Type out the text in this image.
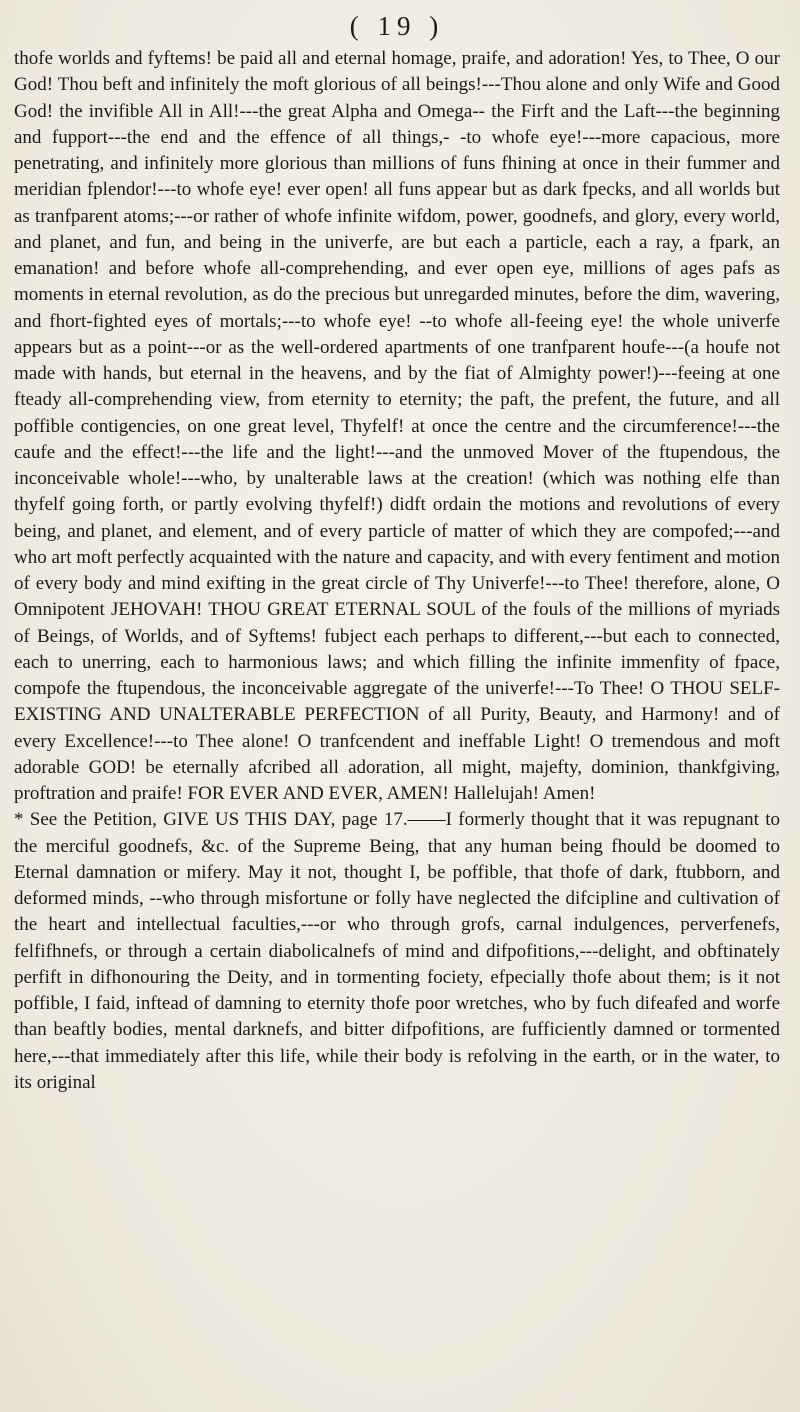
( 19 )

thofe worlds and fyftems! be paid all and eternal homage, praife, and adoration! Yes, to Thee, O our God! Thou beft and infinitely the moft glorious of all beings!---Thou alone and only Wife and Good God! the invifible All in All!---the great Alpha and Omega-- the Firft and the Laft---the beginning and fupport---the end and the effence of all things,- -to whofe eye!---more capacious, more penetrating, and infinitely more glorious than millions of funs fhining at once in their fummer and meridian fplendor!---to whofe eye! ever open! all funs appear but as dark fpecks, and all worlds but as tranfparent atoms;---or rather of whofe infinite wifdom, power, goodnefs, and glory, every world, and planet, and fun, and being in the univerfe, are but each a particle, each a ray, a fpark, an emanation! and before whofe all-comprehending, and ever open eye, millions of ages pafs as moments in eternal revolution, as do the precious but unregarded minutes, before the dim, wavering, and fhort-fighted eyes of mortals;---to whofe eye! --to whofe all-feeing eye! the whole univerfe appears but as a point---or as the well-ordered apartments of one tranfparent houfe---(a houfe not made with hands, but eternal in the heavens, and by the fiat of Almighty power!)---feeing at one fteady all-comprehending view, from eternity to eternity; the paft, the prefent, the future, and all poffible contigencies, on one great level, Thyfelf! at once the centre and the circumference!---the caufe and the effect!---the life and the light!---and the unmoved Mover of the ftupendous, the inconceivable whole!---who, by unalterable laws at the creation! (which was nothing elfe than thyfelf going forth, or partly evolving thyfelf!) didft ordain the motions and revolutions of every being, and planet, and element, and of every particle of matter of which they are compofed;---and who art moft perfectly acquainted with the nature and capacity, and with every fentiment and motion of every body and mind exifting in the great circle of Thy Univerfe!---to Thee! therefore, alone, O Omnipotent JEHOVAH! THOU GREAT ETERNAL SOUL of the fouls of the millions of myriads of Beings, of Worlds, and of Syftems! fubject each perhaps to different,---but each to connected, each to unerring, each to harmonious laws; and which filling the infinite immenfity of fpace, compofe the ftupendous, the inconceivable aggregate of the univerfe!---To Thee! O THOU SELF-EXISTING AND UNALTERABLE PERFECTION of all Purity, Beauty, and Harmony! and of every Excellence!---to Thee alone! O tranfcendent and ineffable Light! O tremendous and moft adorable GOD! be eternally afcribed all adoration, all might, majefty, dominion, thankfgiving, proftration and praife! FOR EVER AND EVER, AMEN! Hallelujah! Amen!

* See the Petition, GIVE US THIS DAY, page 17.——I formerly thought that it was repugnant to the merciful goodnefs, &c. of the Supreme Being, that any human being fhould be doomed to Eternal damnation or mifery. May it not, thought I, be poffible, that thofe of dark, ftubborn, and deformed minds, --who through misfortune or folly have neglected the difcipline and cultivation of the heart and intellectual faculties,---or who through grofs, carnal indulgences, perverfenefs, felfifhnefs, or through a certain diabolicalnefs of mind and difpofitions,---delight, and obftinately perfift in difhonouring the Deity, and in tormenting fociety, efpecially thofe about them; is it not poffible, I faid, inftead of damning to eternity thofe poor wretches, who by fuch difeafed and worfe than beaftly bodies, mental darknefs, and bitter difpofitions, are fufficiently damned or tormented here,---that immediately after this life, while their body is refolving in the earth, or in the water, to its original
